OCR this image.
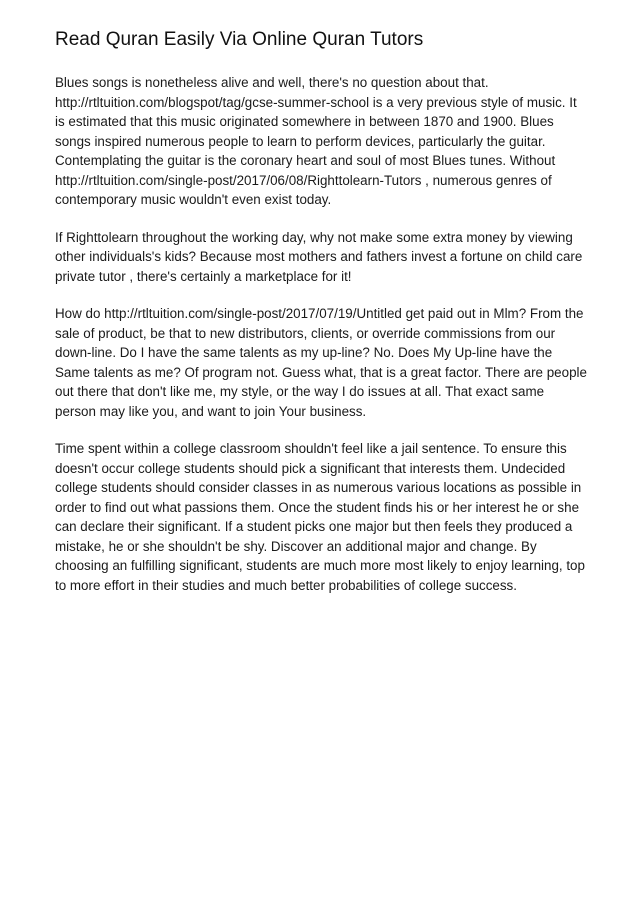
Read Quran Easily Via Online Quran Tutors

Blues songs is nonetheless alive and well, there's no question about that. http://rtltuition.com/blogspot/tag/gcse-summer-school is a very previous style of music. It is estimated that this music originated somewhere in between 1870 and 1900. Blues songs inspired numerous people to learn to perform devices, particularly the guitar. Contemplating the guitar is the coronary heart and soul of most Blues tunes. Without http://rtltuition.com/single-post/2017/06/08/Righttolearn-Tutors , numerous genres of contemporary music wouldn't even exist today.

If Righttolearn throughout the working day, why not make some extra money by viewing other individuals's kids? Because most mothers and fathers invest a fortune on child care private tutor , there's certainly a marketplace for it!

How do http://rtltuition.com/single-post/2017/07/19/Untitled get paid out in Mlm? From the sale of product, be that to new distributors, clients, or override commissions from our down-line. Do I have the same talents as my up-line? No. Does My Up-line have the Same talents as me? Of program not. Guess what, that is a great factor. There are people out there that don't like me, my style, or the way I do issues at all. That exact same person may like you, and want to join Your business.

Time spent within a college classroom shouldn't feel like a jail sentence. To ensure this doesn't occur college students should pick a significant that interests them. Undecided college students should consider classes in as numerous various locations as possible in order to find out what passions them. Once the student finds his or her interest he or she can declare their significant. If a student picks one major but then feels they produced a mistake, he or she shouldn't be shy. Discover an additional major and change. By choosing an fulfilling significant, students are much more most likely to enjoy learning, top to more effort in their studies and much better probabilities of college success.
